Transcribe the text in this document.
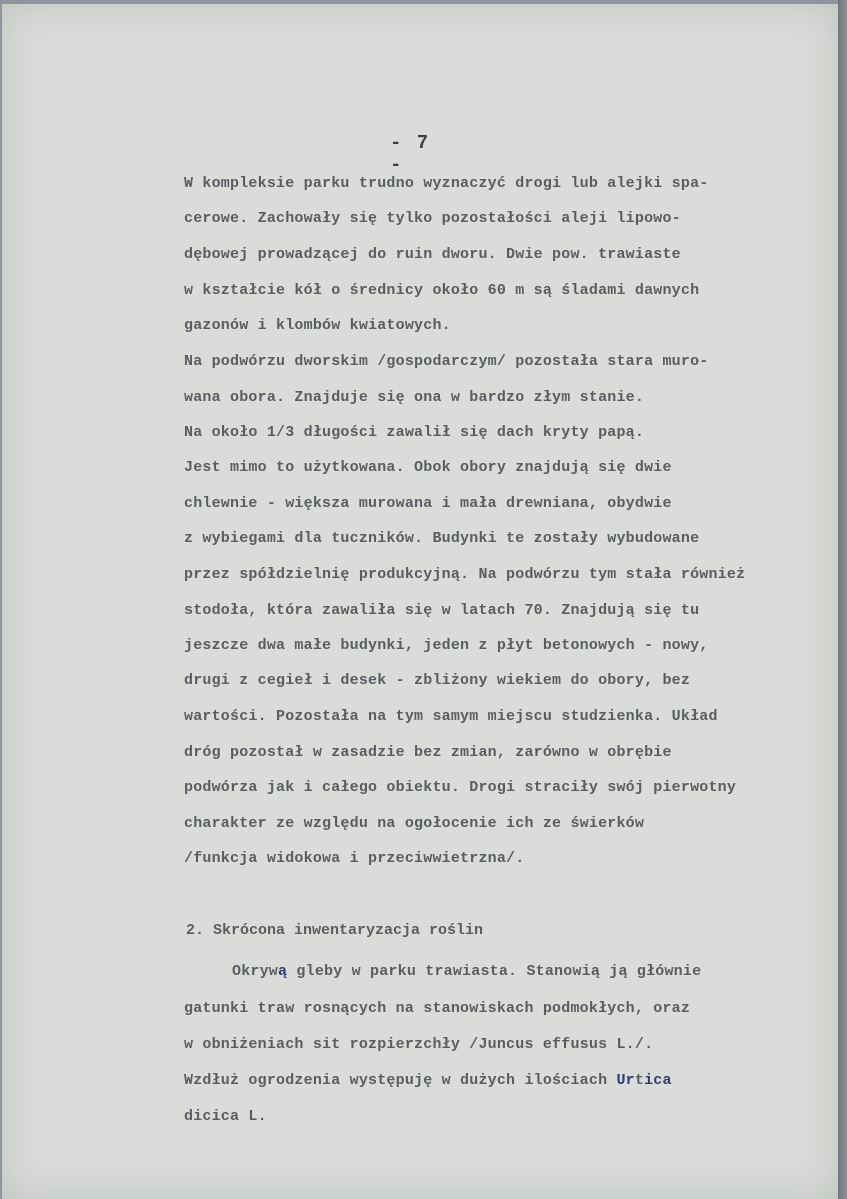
- 7 -
W kompleksie parku trudno wyznaczyć drogi lub alejki spa-
cerowe. Zachowały się tylko pozostałości aleji lipowo-
dębowej prowadzącej do ruin dworu. Dwie pow. trawiaste
w kształcie kół o średnicy około 60 m są śladami dawnych
gazonów i klombów kwiatowych.
Na podwórzu dworskim /gospodarczym/ pozostała stara muro-
wana obora. Znajduje się ona w bardzo złym stanie.
Na około 1/3 długości zawalił się dach kryty papą.
Jest mimo to użytkowana. Obok obory znajdują się dwie
chlewnie - większa murowana i mała drewniana, obydwie
z wybiegami dla tuczników. Budynki te zostały wybudowane
przez spółdzielnię produkcyjną. Na podwórzu tym stała również
stodoła, która zawaliła się w latach 70. Znajdują się tu
jeszcze dwa małe budynki, jeden z płyt betonowych - nowy,
drugi z cegieł i desek - zbliżony wiekiem do obory, bez
wartości. Pozostała na tym samym miejscu studzienka. Układ
dróg pozostał w zasadzie bez zmian, zarówno w obrębie
podwórza jak i całego obiektu. Drogi straciły swój pierwotny
charakter ze względu na ogołocenie ich ze świerków
/funkcja widokowa i przeciwwietrzna/.
2. Skrócona inwentaryzacja roślin
Okrywą gleby w parku trawiasta. Stanowią ją głównie
gatunki traw rosnących na stanowiskach podmokłych, oraz
w obniżeniach sit rozpierzchły /Juncus effusus L./.
Wzdłuż ogrodzenia występuję w dużych ilościach Urtica
dicica L.
